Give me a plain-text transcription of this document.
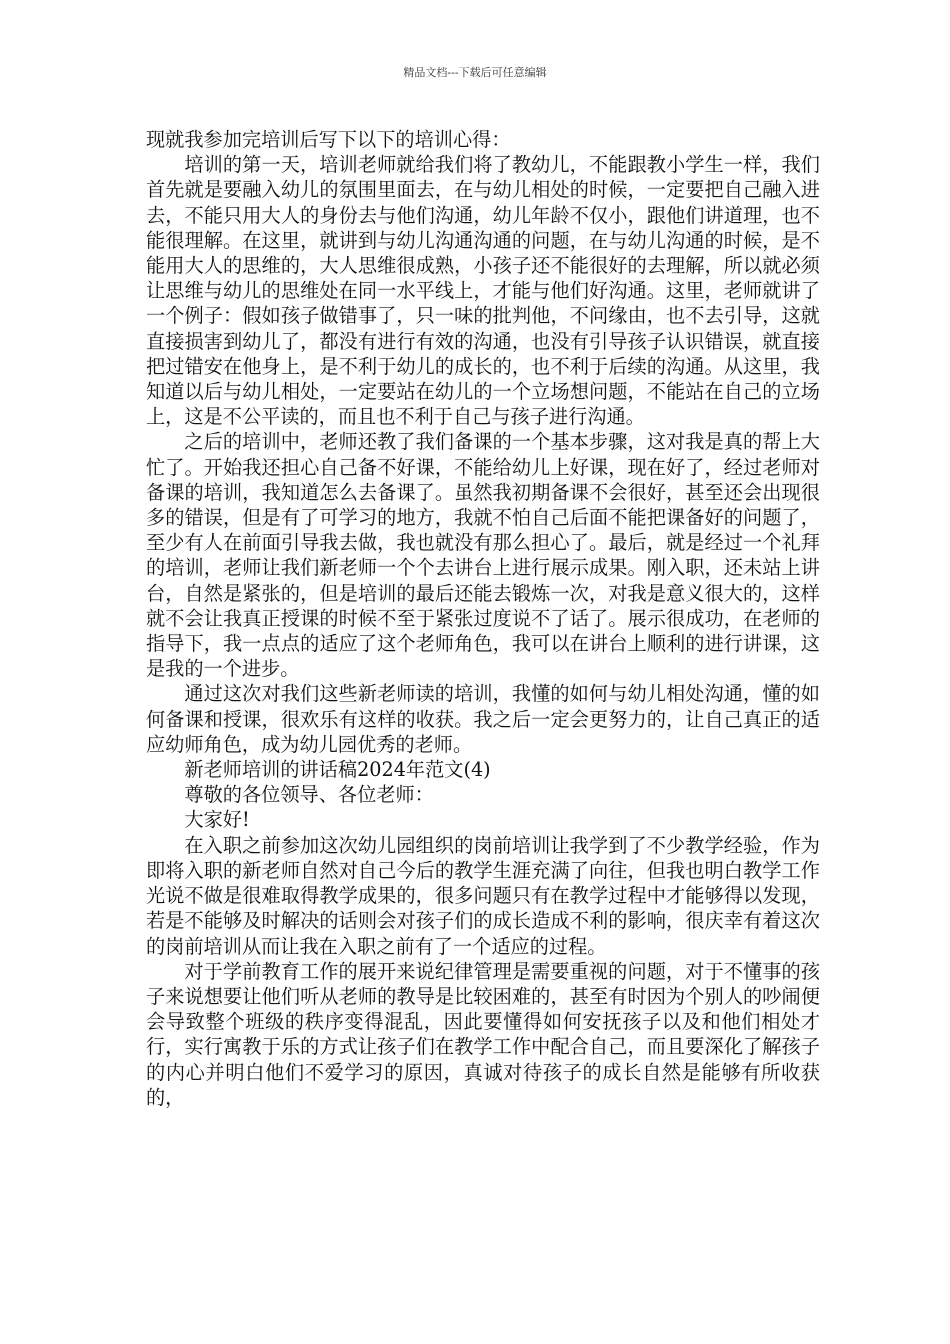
精品文档---下载后可任意编辑

现就我参加完培训后写下以下的培训心得：

培训的第一天，培训老师就给我们将了教幼儿，不能跟教小学生一样，我们首先就是要融入幼儿的氛围里面去，在与幼儿相处的时候，一定要把自己融入进去，不能只用大人的身份去与他们沟通，幼儿年龄不仅小，跟他们讲道理，也不能很理解。在这里，就讲到与幼儿沟通沟通的问题，在与幼儿沟通的时候，是不能用大人的思维的，大人思维很成熟，小孩子还不能很好的去理解，所以就必须让思维与幼儿的思维处在同一水平线上，才能与他们好沟通。这里，老师就讲了一个例子：假如孩子做错事了，只一味的批判他，不问缘由，也不去引导，这就直接损害到幼儿了，都没有进行有效的沟通，也没有引导孩子认识错误，就直接把过错安在他身上，是不利于幼儿的成长的，也不利于后续的沟通。从这里，我知道以后与幼儿相处，一定要站在幼儿的一个立场想问题，不能站在自己的立场上，这是不公平读的，而且也不利于自己与孩子进行沟通。

之后的培训中，老师还教了我们备课的一个基本步骤，这对我是真的帮上大忙了。开始我还担心自己备不好课，不能给幼儿上好课，现在好了，经过老师对备课的培训，我知道怎么去备课了。虽然我初期备课不会很好，甚至还会出现很多的错误，但是有了可学习的地方，我就不怕自己后面不能把课备好的问题了，至少有人在前面引导我去做，我也就没有那么担心了。最后，就是经过一个礼拜的培训，老师让我们新老师一个个去讲台上进行展示成果。刚入职，还未站上讲台，自然是紧张的，但是培训的最后还能去锻炼一次，对我是意义很大的，这样就不会让我真正授课的时候不至于紧张过度说不了话了。展示很成功，在老师的指导下，我一点点的适应了这个老师角色，我可以在讲台上顺利的进行讲课，这是我的一个进步。

通过这次对我们这些新老师读的培训，我懂的如何与幼儿相处沟通，懂的如何备课和授课，很欢乐有这样的收获。我之后一定会更努力的，让自己真正的适应幼师角色，成为幼儿园优秀的老师。

新老师培训的讲话稿2024年范文(4)

尊敬的各位领导、各位老师：

大家好!

在入职之前参加这次幼儿园组织的岗前培训让我学到了不少教学经验，作为即将入职的新老师自然对自己今后的教学生涯充满了向往，但我也明白教学工作光说不做是很难取得教学成果的，很多问题只有在教学过程中才能够得以发现，若是不能够及时解决的话则会对孩子们的成长造成不利的影响，很庆幸有着这次的岗前培训从而让我在入职之前有了一个适应的过程。

对于学前教育工作的展开来说纪律管理是需要重视的问题，对于不懂事的孩子来说想要让他们听从老师的教导是比较困难的，甚至有时因为个别人的吵闹便会导致整个班级的秩序变得混乱，因此要懂得如何安抚孩子以及和他们相处才行，实行寓教于乐的方式让孩子们在教学工作中配合自己，而且要深化了解孩子的内心并明白他们不爱学习的原因，真诚对待孩子的成长自然是能够有所收获的，
